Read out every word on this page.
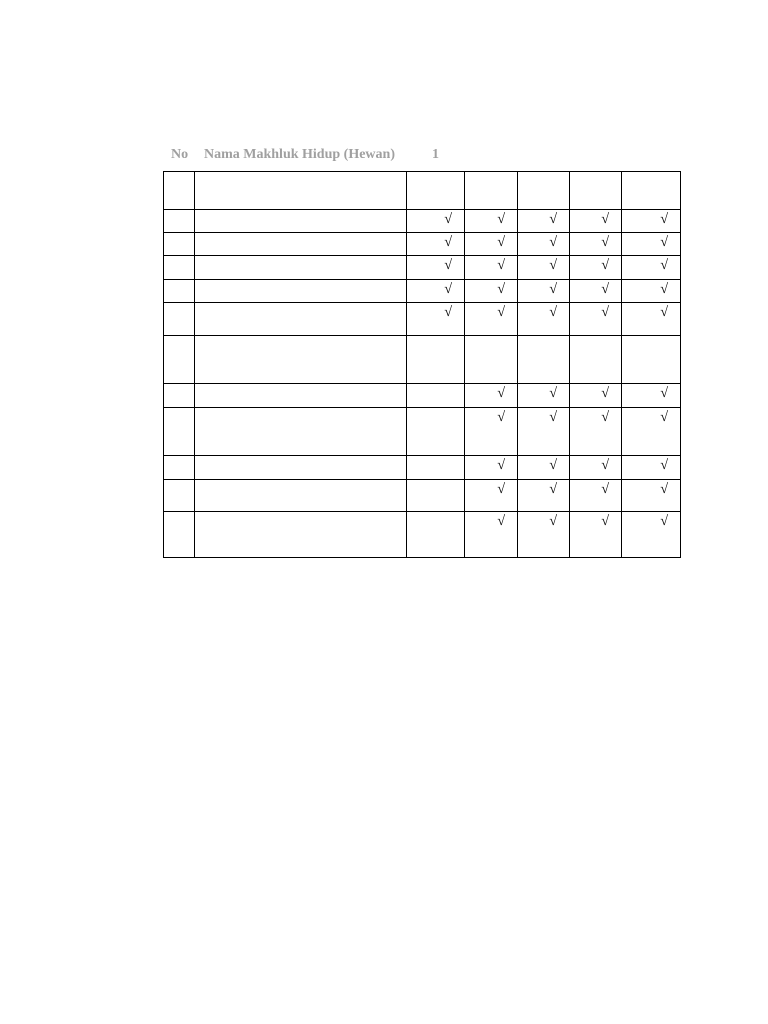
No Nama Makhluk Hidup (Hewan)	1

		√	√	√	√	√
		√	√	√	√	√
		√	√	√	√	√
		√	√	√	√	√
		√	√	√	√	√

			√	√	√	√
			√	√	√	√
			√	√	√	√
			√	√	√	√
			√	√	√	√
